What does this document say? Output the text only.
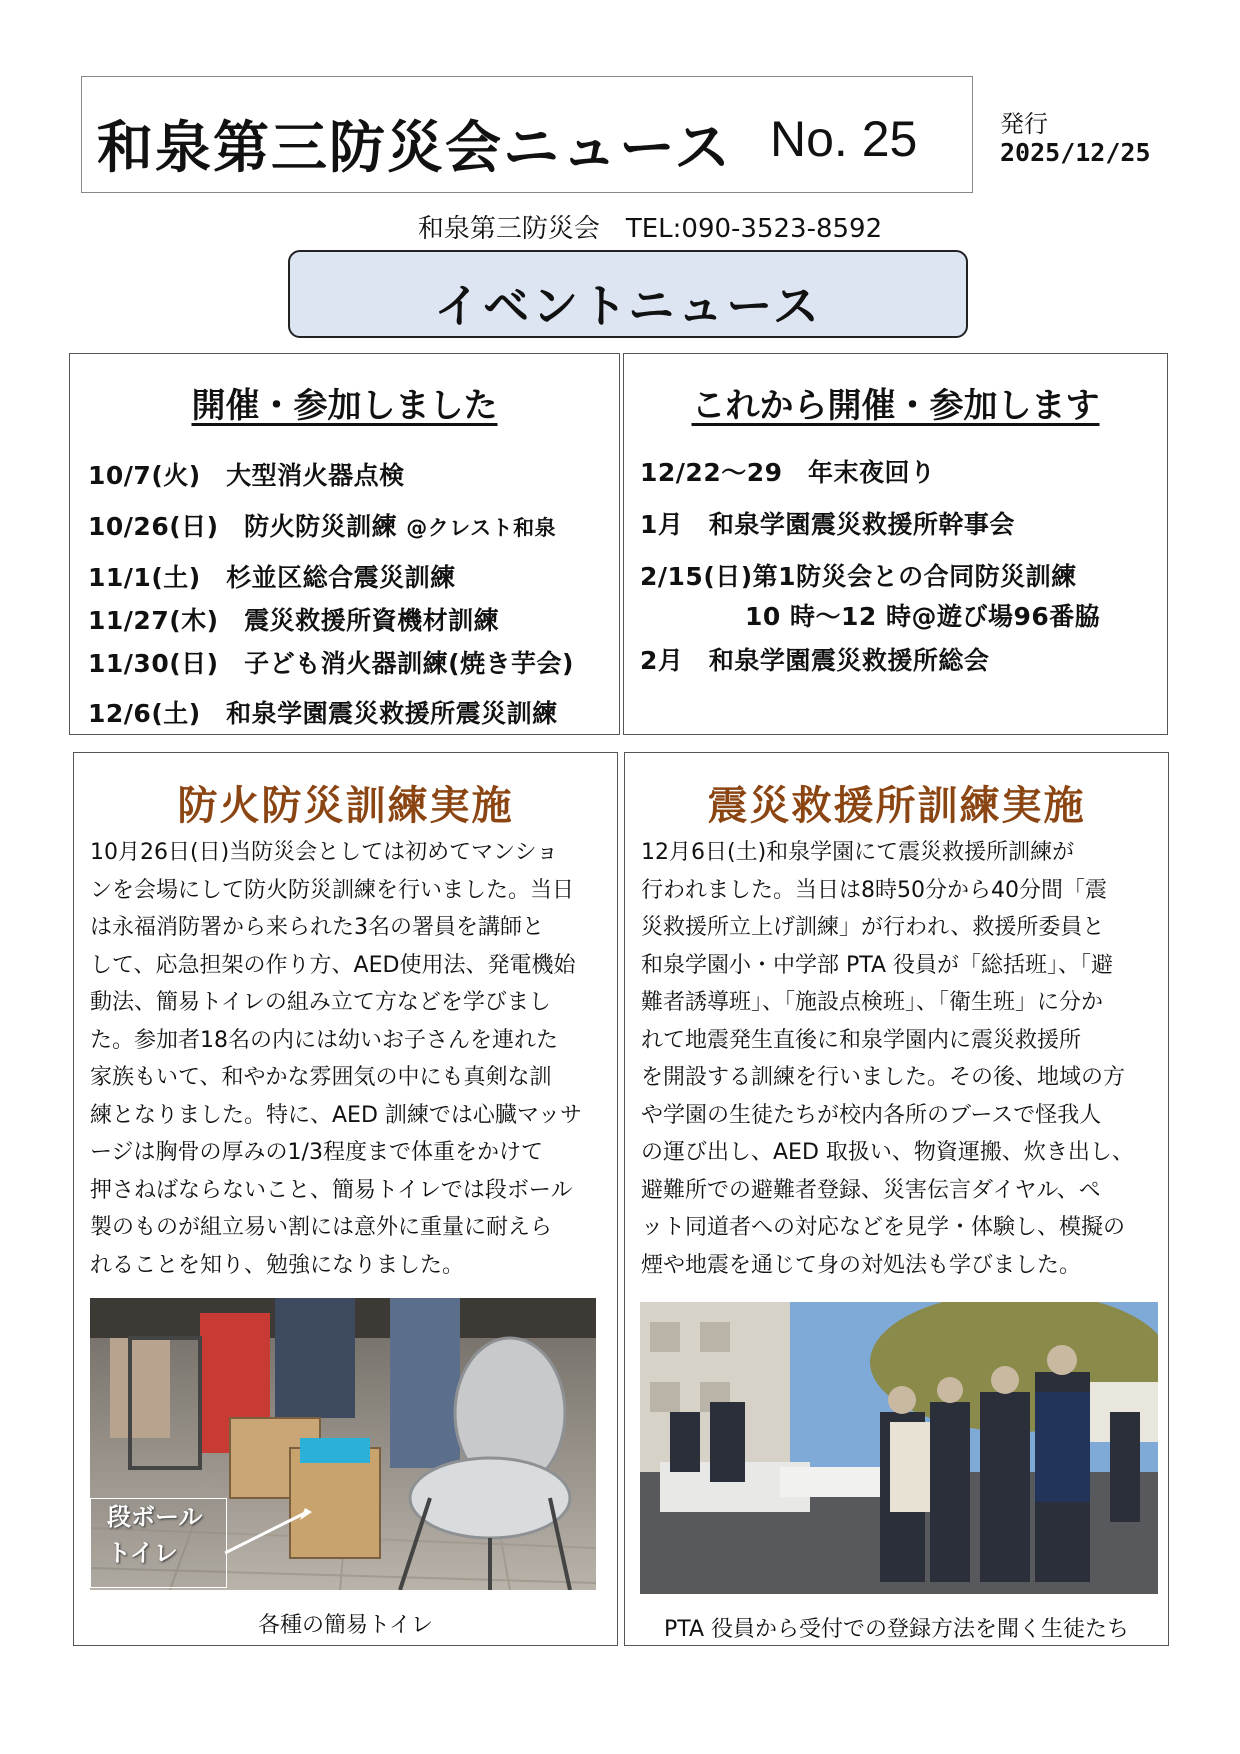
和泉第三防災会ニュース No. 25	発行
2025/12/25
和泉第三防災会　TEL:090-3523-8592
イベントニュース
開催・参加しました
10/7(火)　大型消火器点検
10/26(日)　防火防災訓練 @クレスト和泉
11/1(土)　杉並区総合震災訓練
11/27(木)　震災救援所資機材訓練
11/30(日)　子ども消火器訓練(焼き芋会)
12/6(土)　和泉学園震災救援所震災訓練
これから開催・参加します
12/22～29　年末夜回り
1月　和泉学園震災救援所幹事会
2/15(日)第1防災会との合同防災訓練
10 時～12 時@遊び場96番脇
2月　和泉学園震災救援所総会
防火防災訓練実施
10月26日(日)当防災会としては初めてマンショ
ンを会場にして防火防災訓練を行いました。当日
は永福消防署から来られた3名の署員を講師と
して、応急担架の作り方、AED使用法、発電機始
動法、簡易トイレの組み立て方などを学びまし
た。参加者18名の内には幼いお子さんを連れた
家族もいて、和やかな雰囲気の中にも真剣な訓
練となりました。特に、AED 訓練では心臓マッサ
ージは胸骨の厚みの1/3程度まで体重をかけて
押さねばならないこと、簡易トイレでは段ボール
製のものが組立易い割には意外に重量に耐えら
れることを知り、勉強になりました。
段ボール
トイレ
各種の簡易トイレ
震災救援所訓練実施
12月6日(土)和泉学園にて震災救援所訓練が
行われました。当日は8時50分から40分間「震
災救援所立上げ訓練」が行われ、救援所委員と
和泉学園小・中学部 PTA 役員が「総括班」、「避
難者誘導班」、「施設点検班」、「衛生班」に分か
れて地震発生直後に和泉学園内に震災救援所
を開設する訓練を行いました。その後、地域の方
や学園の生徒たちが校内各所のブースで怪我人
の運び出し、AED 取扱い、物資運搬、炊き出し、
避難所での避難者登録、災害伝言ダイヤル、ペ
ット同道者への対応などを見学・体験し、模擬の
煙や地震を通じて身の対処法も学びました。
PTA 役員から受付での登録方法を聞く生徒たち
